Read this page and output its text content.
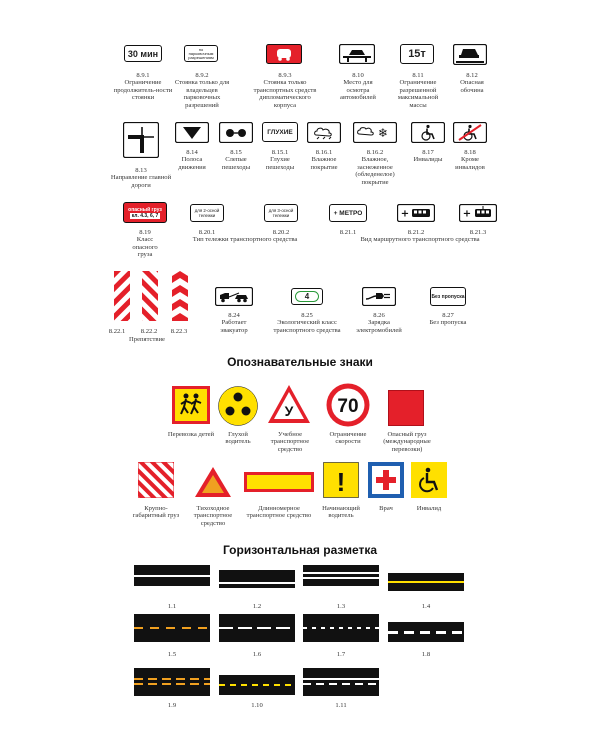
30 мин	по парковочным разрешениям	15т
8.9.1
Ограничение продолжитель-ности стоянки
8.9.2
Стоянка только для владельцев парковочных разрешений
8.9.3
Стоянка только транспортных средств дипломатического корпуса
8.10
Место для осмотра автомобилей
8.11
Ограничение разрешенной максимальной массы
8.12
Опасная обочина
ГЛУХИЕ	❄
8.13
Направление главной дороги
8.14
Полоса движения
8.15
Слепые пешеходы
8.15.1
Глухие пешеходы
8.16.1
Влажное покрытие
8.16.2
Влажное, заснеженное (обледенелое) покрытие
8.17
Инвалиды
8.18
Кроме инвалидов
опасный груз
кл. 4.3, 6, 7
для 2-осной
тележки
для 3-осной
тележки	+ МЕТРО	+	+
8.19
Класс опасного груза
8.20.1	8.20.2
Тип тележки транспортного средства
8.21.1	8.21.2	8.21.3
Вид маршрутного транспортного средства
4	Без пропуска
8.22.1	8.22.2	8.22.3
Препятствие
8.24
Работает эвакуатор
8.25
Экологический класс транспортного средства
8.26
Зарядка электромобилей
8.27
Без пропуска
Опознавательные знаки
У 70
Перевозка детей	Глухой водитель
Учебное транспортное средство
Ограничение скорости
Опасный груз (международные перевозки)
!
Крупно-габаритный груз
Тихоходное транспортное средство
Длинномерное транспортное средство
Начинающий водитель
Врач	Инвалид
Горизонтальная разметка
1.1	1.2	1.3	1.4
1.5	1.6	1.7	1.8
1.9	1.10	1.11
